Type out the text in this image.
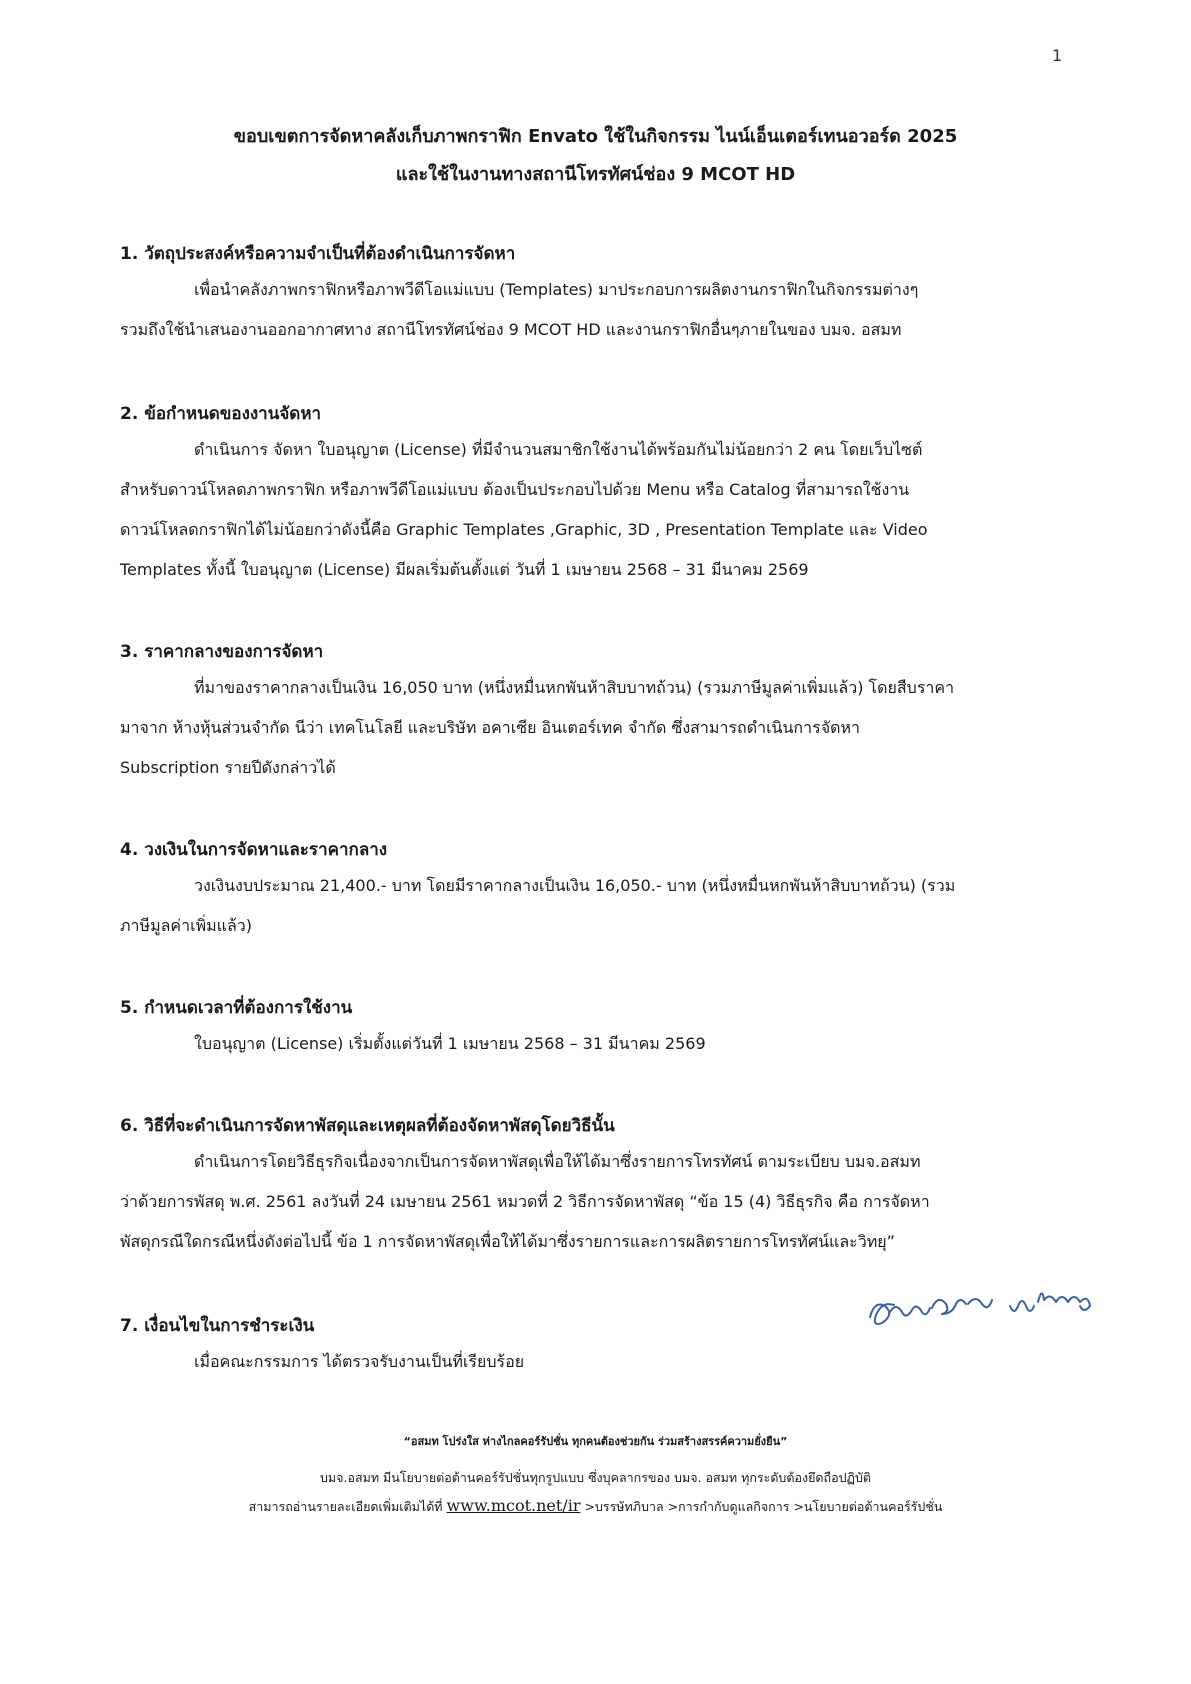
1
ขอบเขตการจัดหาคลังเก็บภาพกราฟิก Envato ใช้ในกิจกรรม ไนน์เอ็นเตอร์เทนอวอร์ด 2025
และใช้ในงานทางสถานีโทรทัศน์ช่อง 9 MCOT HD
1. วัตถุประสงค์หรือความจำเป็นที่ต้องดำเนินการจัดหา
เพื่อนำคลังภาพกราฟิกหรือภาพวีดีโอแม่แบบ (Templates) มาประกอบการผลิตงานกราฟิกในกิจกรรมต่างๆ
รวมถึงใช้นำเสนองานออกอากาศทาง สถานีโทรทัศน์ช่อง 9 MCOT HD และงานกราฟิกอื่นๆภายในของ บมจ. อสมท
2. ข้อกำหนดของงานจัดหา
ดำเนินการ จัดหา ใบอนุญาต (License) ที่มีจำนวนสมาชิกใช้งานได้พร้อมกันไม่น้อยกว่า 2 คน โดยเว็บไซต์
สำหรับดาวน์โหลดภาพกราฟิก หรือภาพวีดีโอแม่แบบ ต้องเป็นประกอบไปด้วย Menu หรือ Catalog ที่สามารถใช้งาน
ดาวน์โหลดกราฟิกได้ไม่น้อยกว่าดังนี้คือ Graphic Templates ,Graphic, 3D , Presentation Template และ Video
Templates ทั้งนี้ ใบอนุญาต (License) มีผลเริ่มต้นตั้งแต่ วันที่ 1 เมษายน 2568 – 31 มีนาคม 2569
3. ราคากลางของการจัดหา
ที่มาของราคากลางเป็นเงิน 16,050 บาท (หนึ่งหมื่นหกพันห้าสิบบาทถ้วน) (รวมภาษีมูลค่าเพิ่มแล้ว) โดยสืบราคา
มาจาก ห้างหุ้นส่วนจำกัด นีว่า เทคโนโลยี และบริษัท อคาเซีย อินเตอร์เทค จำกัด ซึ่งสามารถดำเนินการจัดหา
Subscription รายปีดังกล่าวได้
4. วงเงินในการจัดหาและราคากลาง
วงเงินงบประมาณ 21,400.- บาท โดยมีราคากลางเป็นเงิน 16,050.- บาท (หนึ่งหมื่นหกพันห้าสิบบาทถ้วน) (รวม
ภาษีมูลค่าเพิ่มแล้ว)
5. กำหนดเวลาที่ต้องการใช้งาน
ใบอนุญาต (License) เริ่มตั้งแต่วันที่ 1 เมษายน 2568 – 31 มีนาคม 2569
6. วิธีที่จะดำเนินการจัดหาพัสดุและเหตุผลที่ต้องจัดหาพัสดุโดยวิธีนั้น
ดำเนินการโดยวิธีธุรกิจเนื่องจากเป็นการจัดหาพัสดุเพื่อให้ได้มาซึ่งรายการโทรทัศน์ ตามระเบียบ บมจ.อสมท
ว่าด้วยการพัสดุ พ.ศ. 2561 ลงวันที่ 24 เมษายน 2561 หมวดที่ 2 วิธีการจัดหาพัสดุ “ข้อ 15 (4) วิธีธุรกิจ คือ การจัดหา
พัสดุกรณีใดกรณีหนึ่งดังต่อไปนี้ ข้อ 1 การจัดหาพัสดุเพื่อให้ได้มาซึ่งรายการและการผลิตรายการโทรทัศน์และวิทยุ”
7. เงื่อนไขในการชำระเงิน
เมื่อคณะกรรมการ ได้ตรวจรับงานเป็นที่เรียบร้อย
“อสมท โปร่งใส ห่างไกลคอร์รัปชั่น ทุกคนต้องช่วยกัน ร่วมสร้างสรรค์ความยั่งยืน”
บมจ.อสมท มีนโยบายต่อต้านคอร์รัปชั่นทุกรูปแบบ ซึ่งบุคลากรของ บมจ. อสมท ทุกระดับต้องยึดถือปฏิบัติ
สามารถอ่านรายละเอียดเพิ่มเติมได้ที่ www.mcot.net/ir >บรรษัทภิบาล >การกำกับดูแลกิจการ >นโยบายต่อต้านคอร์รัปชั่น
